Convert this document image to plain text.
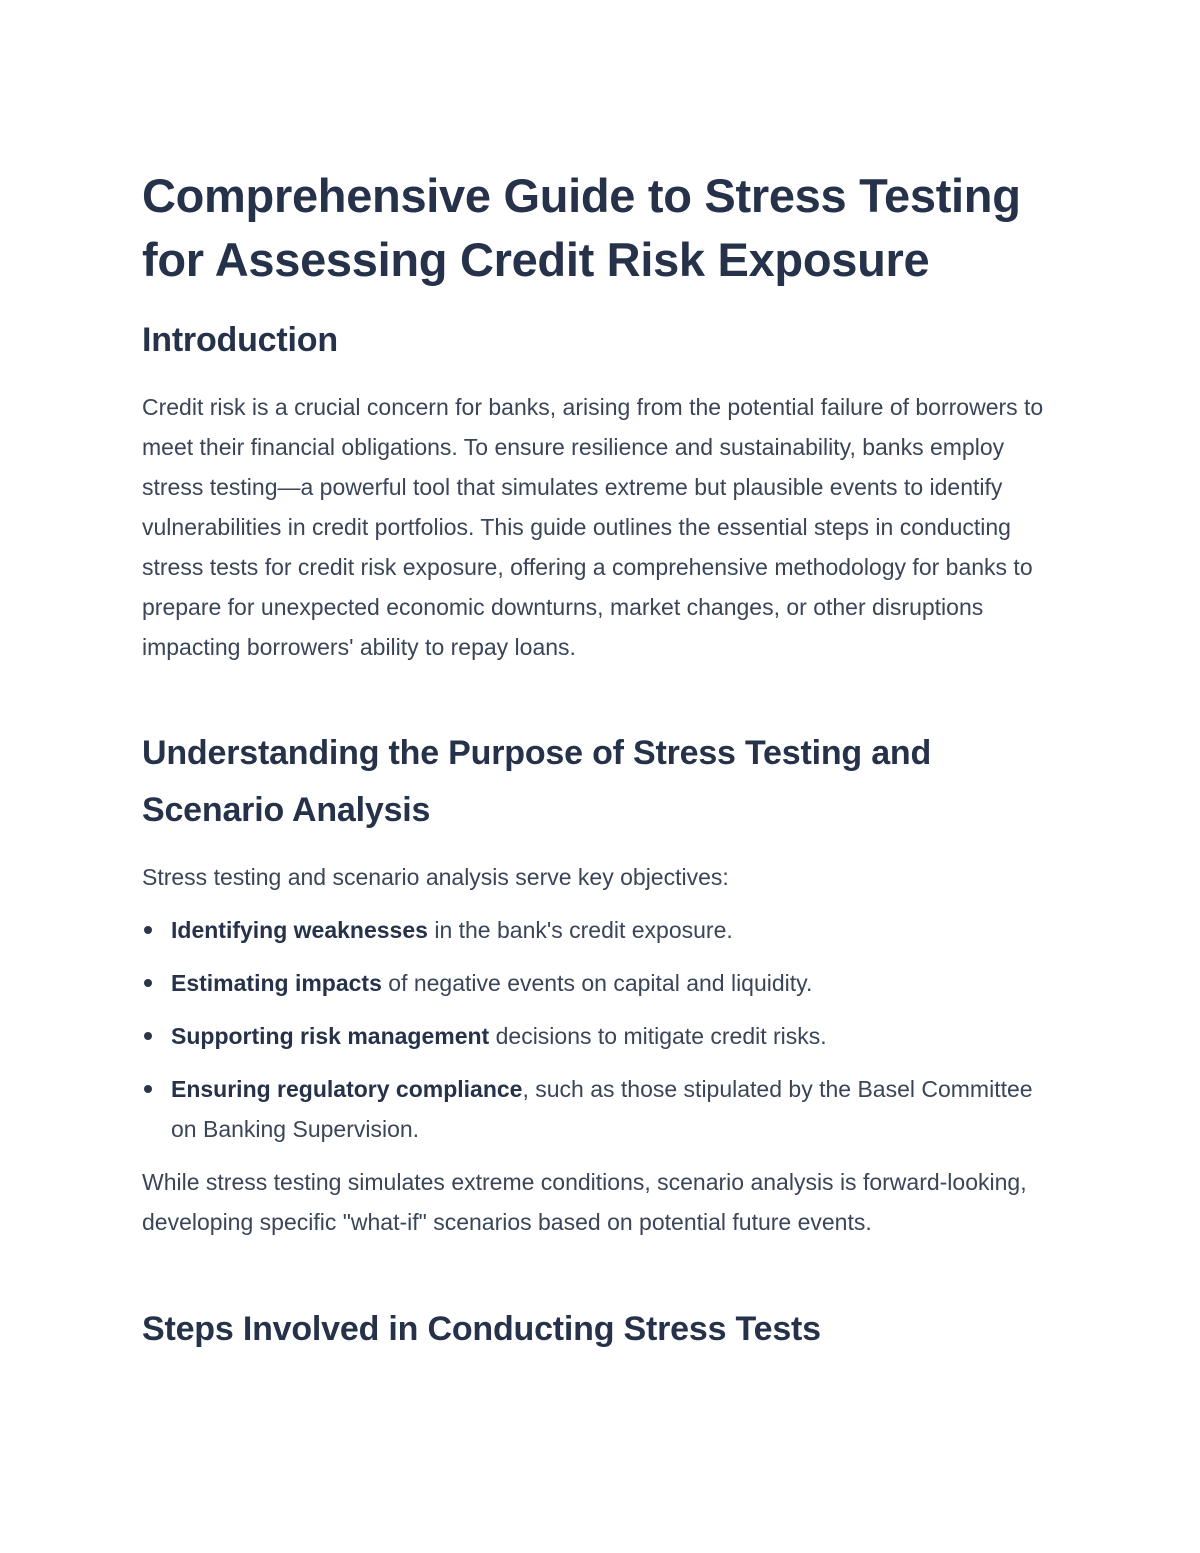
Comprehensive Guide to Stress Testing for Assessing Credit Risk Exposure
Introduction

Credit risk is a crucial concern for banks, arising from the potential failure of borrowers to meet their financial obligations. To ensure resilience and sustainability, banks employ stress testing—a powerful tool that simulates extreme but plausible events to identify vulnerabilities in credit portfolios. This guide outlines the essential steps in conducting stress tests for credit risk exposure, offering a comprehensive methodology for banks to prepare for unexpected economic downturns, market changes, or other disruptions impacting borrowers' ability to repay loans.

Understanding the Purpose of Stress Testing and Scenario Analysis

Stress testing and scenario analysis serve key objectives:

Identifying weaknesses in the bank's credit exposure.
Estimating impacts of negative events on capital and liquidity.
Supporting risk management decisions to mitigate credit risks.
Ensuring regulatory compliance, such as those stipulated by the Basel Committee on Banking Supervision.

While stress testing simulates extreme conditions, scenario analysis is forward-looking, developing specific "what-if" scenarios based on potential future events.

Steps Involved in Conducting Stress Tests
